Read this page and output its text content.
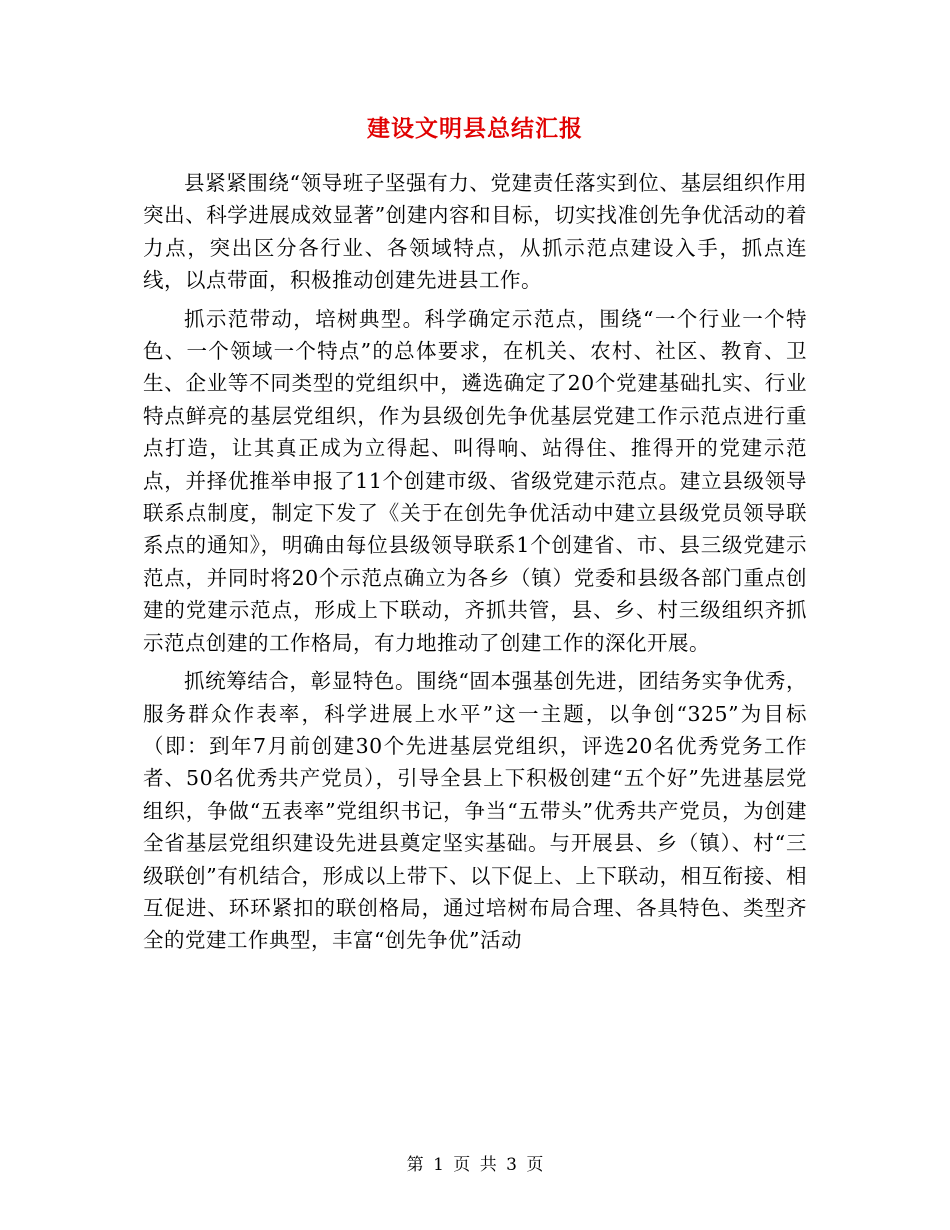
建设文明县总结汇报

县紧紧围绕“领导班子坚强有力、党建责任落实到位、基层组织作用突出、科学进展成效显著”创建内容和目标，切实找准创先争优活动的着力点，突出区分各行业、各领域特点，从抓示范点建设入手，抓点连线，以点带面，积极推动创建先进县工作。

抓示范带动，培树典型。科学确定示范点，围绕“一个行业一个特色、一个领域一个特点”的总体要求，在机关、农村、社区、教育、卫生、企业等不同类型的党组织中，遴选确定了20个党建基础扎实、行业特点鲜亮的基层党组织，作为县级创先争优基层党建工作示范点进行重点打造，让其真正成为立得起、叫得响、站得住、推得开的党建示范点，并择优推举申报了11个创建市级、省级党建示范点。建立县级领导联系点制度，制定下发了《关于在创先争优活动中建立县级党员领导联系点的通知》，明确由每位县级领导联系1个创建省、市、县三级党建示范点，并同时将20个示范点确立为各乡（镇）党委和县级各部门重点创建的党建示范点，形成上下联动，齐抓共管，县、乡、村三级组织齐抓示范点创建的工作格局，有力地推动了创建工作的深化开展。

抓统筹结合，彰显特色。围绕“固本强基创先进，团结务实争优秀，服务群众作表率，科学进展上水平”这一主题，以争创“325”为目标（即：到年7月前创建30个先进基层党组织，评选20名优秀党务工作者、50名优秀共产党员），引导全县上下积极创建“五个好”先进基层党组织，争做“五表率”党组织书记，争当“五带头”优秀共产党员，为创建全省基层党组织建设先进县奠定坚实基础。与开展县、乡（镇）、村“三级联创”有机结合，形成以上带下、以下促上、上下联动，相互衔接、相互促进、环环紧扣的联创格局，通过培树布局合理、各具特色、类型齐全的党建工作典型，丰富“创先争优”活动

第 1 页 共 3 页
